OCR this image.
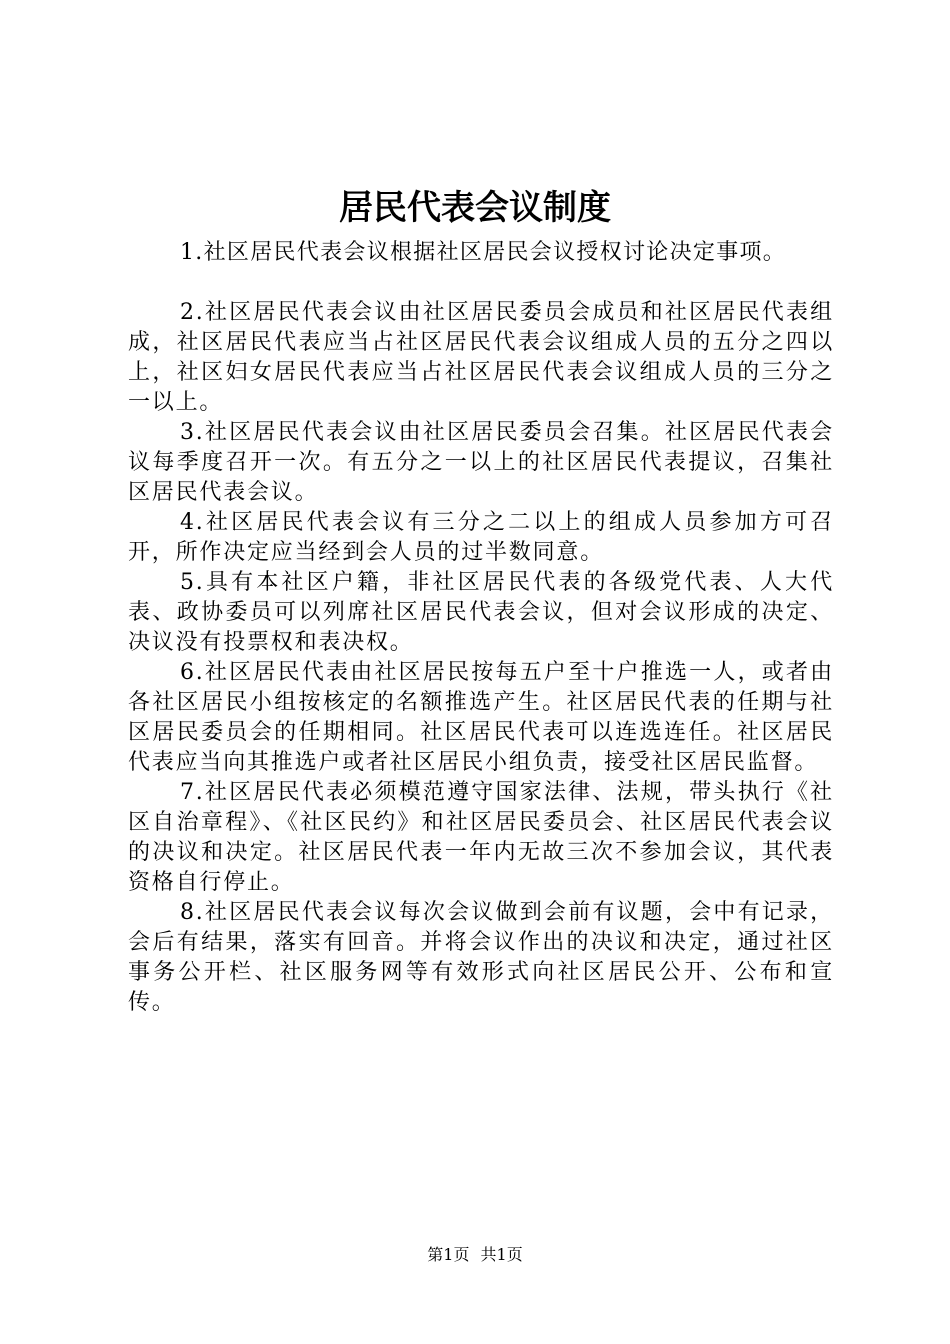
居民代表会议制度

1.社区居民代表会议根据社区居民会议授权讨论决定事项。

2.社区居民代表会议由社区居民委员会成员和社区居民代表组成，社区居民代表应当占社区居民代表会议组成人员的五分之四以上，社区妇女居民代表应当占社区居民代表会议组成人员的三分之一以上。

3.社区居民代表会议由社区居民委员会召集。社区居民代表会议每季度召开一次。有五分之一以上的社区居民代表提议，召集社区居民代表会议。

4.社区居民代表会议有三分之二以上的组成人员参加方可召开，所作决定应当经到会人员的过半数同意。

5.具有本社区户籍，非社区居民代表的各级党代表、人大代表、政协委员可以列席社区居民代表会议，但对会议形成的决定、决议没有投票权和表决权。

6.社区居民代表由社区居民按每五户至十户推选一人，或者由各社区居民小组按核定的名额推选产生。社区居民代表的任期与社区居民委员会的任期相同。社区居民代表可以连选连任。社区居民代表应当向其推选户或者社区居民小组负责，接受社区居民监督。

7.社区居民代表必须模范遵守国家法律、法规，带头执行《社区自治章程》、《社区民约》和社区居民委员会、社区居民代表会议的决议和决定。社区居民代表一年内无故三次不参加会议，其代表资格自行停止。

8.社区居民代表会议每次会议做到会前有议题，会中有记录，会后有结果，落实有回音。并将会议作出的决议和决定，通过社区事务公开栏、社区服务网等有效形式向社区居民公开、公布和宣传。

第1页 共1页
